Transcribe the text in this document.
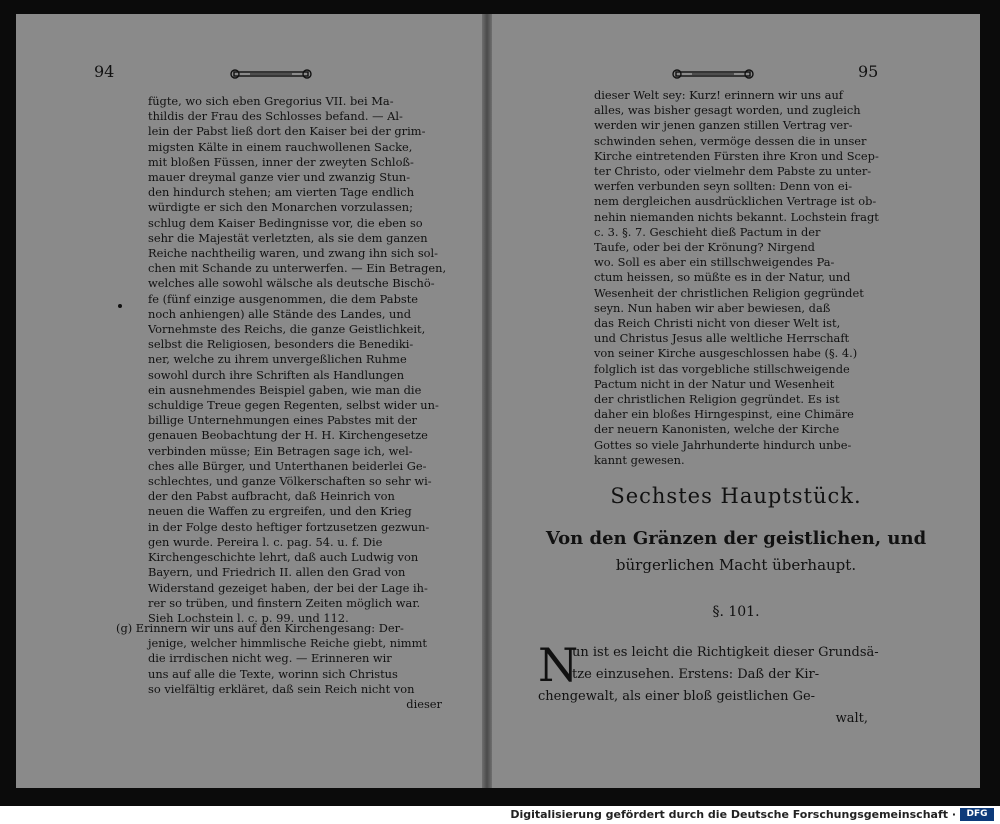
94
fügte, wo sich eben Gregorius VII. bei Ma-
thildis der Frau des Schlosses befand. — Al-
lein der Pabst ließ dort den Kaiser bei der grim-
migsten Kälte in einem rauchwollenen Sacke,
mit bloßen Füssen, inner der zweyten Schloß-
mauer dreymal ganze vier und zwanzig Stun-
den hindurch stehen; am vierten Tage endlich
würdigte er sich den Monarchen vorzulassen;
schlug dem Kaiser Bedingnisse vor, die eben so
sehr die Majestät verletzten, als sie dem ganzen
Reiche nachtheilig waren, und zwang ihn sich sol-
chen mit Schande zu unterwerfen. — Ein Betragen,
welches alle sowohl wälsche als deutsche Bischö-
fe (fünf einzige ausgenommen, die dem Pabste
noch anhiengen) alle Stände des Landes, und
Vornehmste des Reichs, die ganze Geistlichkeit,
selbst die Religiosen, besonders die Benediki-
ner, welche zu ihrem unvergeßlichen Ruhme
sowohl durch ihre Schriften als Handlungen
ein ausnehmendes Beispiel gaben, wie man die
schuldige Treue gegen Regenten, selbst wider un-
billige Unternehmungen eines Pabstes mit der
genauen Beobachtung der H. H. Kirchengesetze
verbinden müsse; Ein Betragen sage ich, wel-
ches alle Bürger, und Unterthanen beiderlei Ge-
schlechtes, und ganze Völkerschaften so sehr wi-
der den Pabst aufbracht, daß Heinrich von
neuen die Waffen zu ergreifen, und den Krieg
in der Folge desto heftiger fortzusetzen gezwun-
gen wurde. Pereira l. c. pag. 54. u. f. Die
Kirchengeschichte lehrt, daß auch Ludwig von
Bayern, und Friedrich II. allen den Grad von
Widerstand gezeiget haben, der bei der Lage ih-
rer so trüben, und finstern Zeiten möglich war.
Sieh Lochstein l. c. p. 99. und 112.
(g) Erinnern wir uns auf den Kirchengesang: Der-
jenige, welcher himmlische Reiche giebt, nimmt
die irrdischen nicht weg. — Erinneren wir
uns auf alle die Texte, worinn sich Christus
so vielfältig erkläret, daß sein Reich nicht von
dieser
95
dieser Welt sey: Kurz! erinnern wir uns auf
alles, was bisher gesagt worden, und zugleich
werden wir jenen ganzen stillen Vertrag ver-
schwinden sehen, vermöge dessen die in unser
Kirche eintretenden Fürsten ihre Kron und Scep-
ter Christo, oder vielmehr dem Pabste zu unter-
werfen verbunden seyn sollten: Denn von ei-
nem dergleichen ausdrücklichen Vertrage ist ob-
nehin niemanden nichts bekannt. Lochstein fragt
c. 3. §. 7. Geschieht dieß Pactum in der
Taufe, oder bei der Krönung? Nirgend
wo. Soll es aber ein stillschweigendes Pa-
ctum heissen, so müßte es in der Natur, und
Wesenheit der christlichen Religion gegründet
seyn. Nun haben wir aber bewiesen, daß
das Reich Christi nicht von dieser Welt ist,
und Christus Jesus alle weltliche Herrschaft
von seiner Kirche ausgeschlossen habe (§. 4.)
folglich ist das vorgebliche stillschweigende
Pactum nicht in der Natur und Wesenheit
der christlichen Religion gegründet. Es ist
daher ein bloßes Hirngespinst, eine Chimäre
der neuern Kanonisten, welche der Kirche
Gottes so viele Jahrhunderte hindurch unbe-
kannt gewesen.
Sechstes Hauptstück.
Von den Gränzen der geistlichen, und
bürgerlichen Macht überhaupt.
§. 101.
N
un ist es leicht die Richtigkeit dieser Grundsä-
tze einzusehen. Erstens: Daß der Kir-
chengewalt, als einer bloß geistlichen Ge-
walt,
Digitalisierung gefördert durch die Deutsche Forschungsgemeinschaft ·	DFG
